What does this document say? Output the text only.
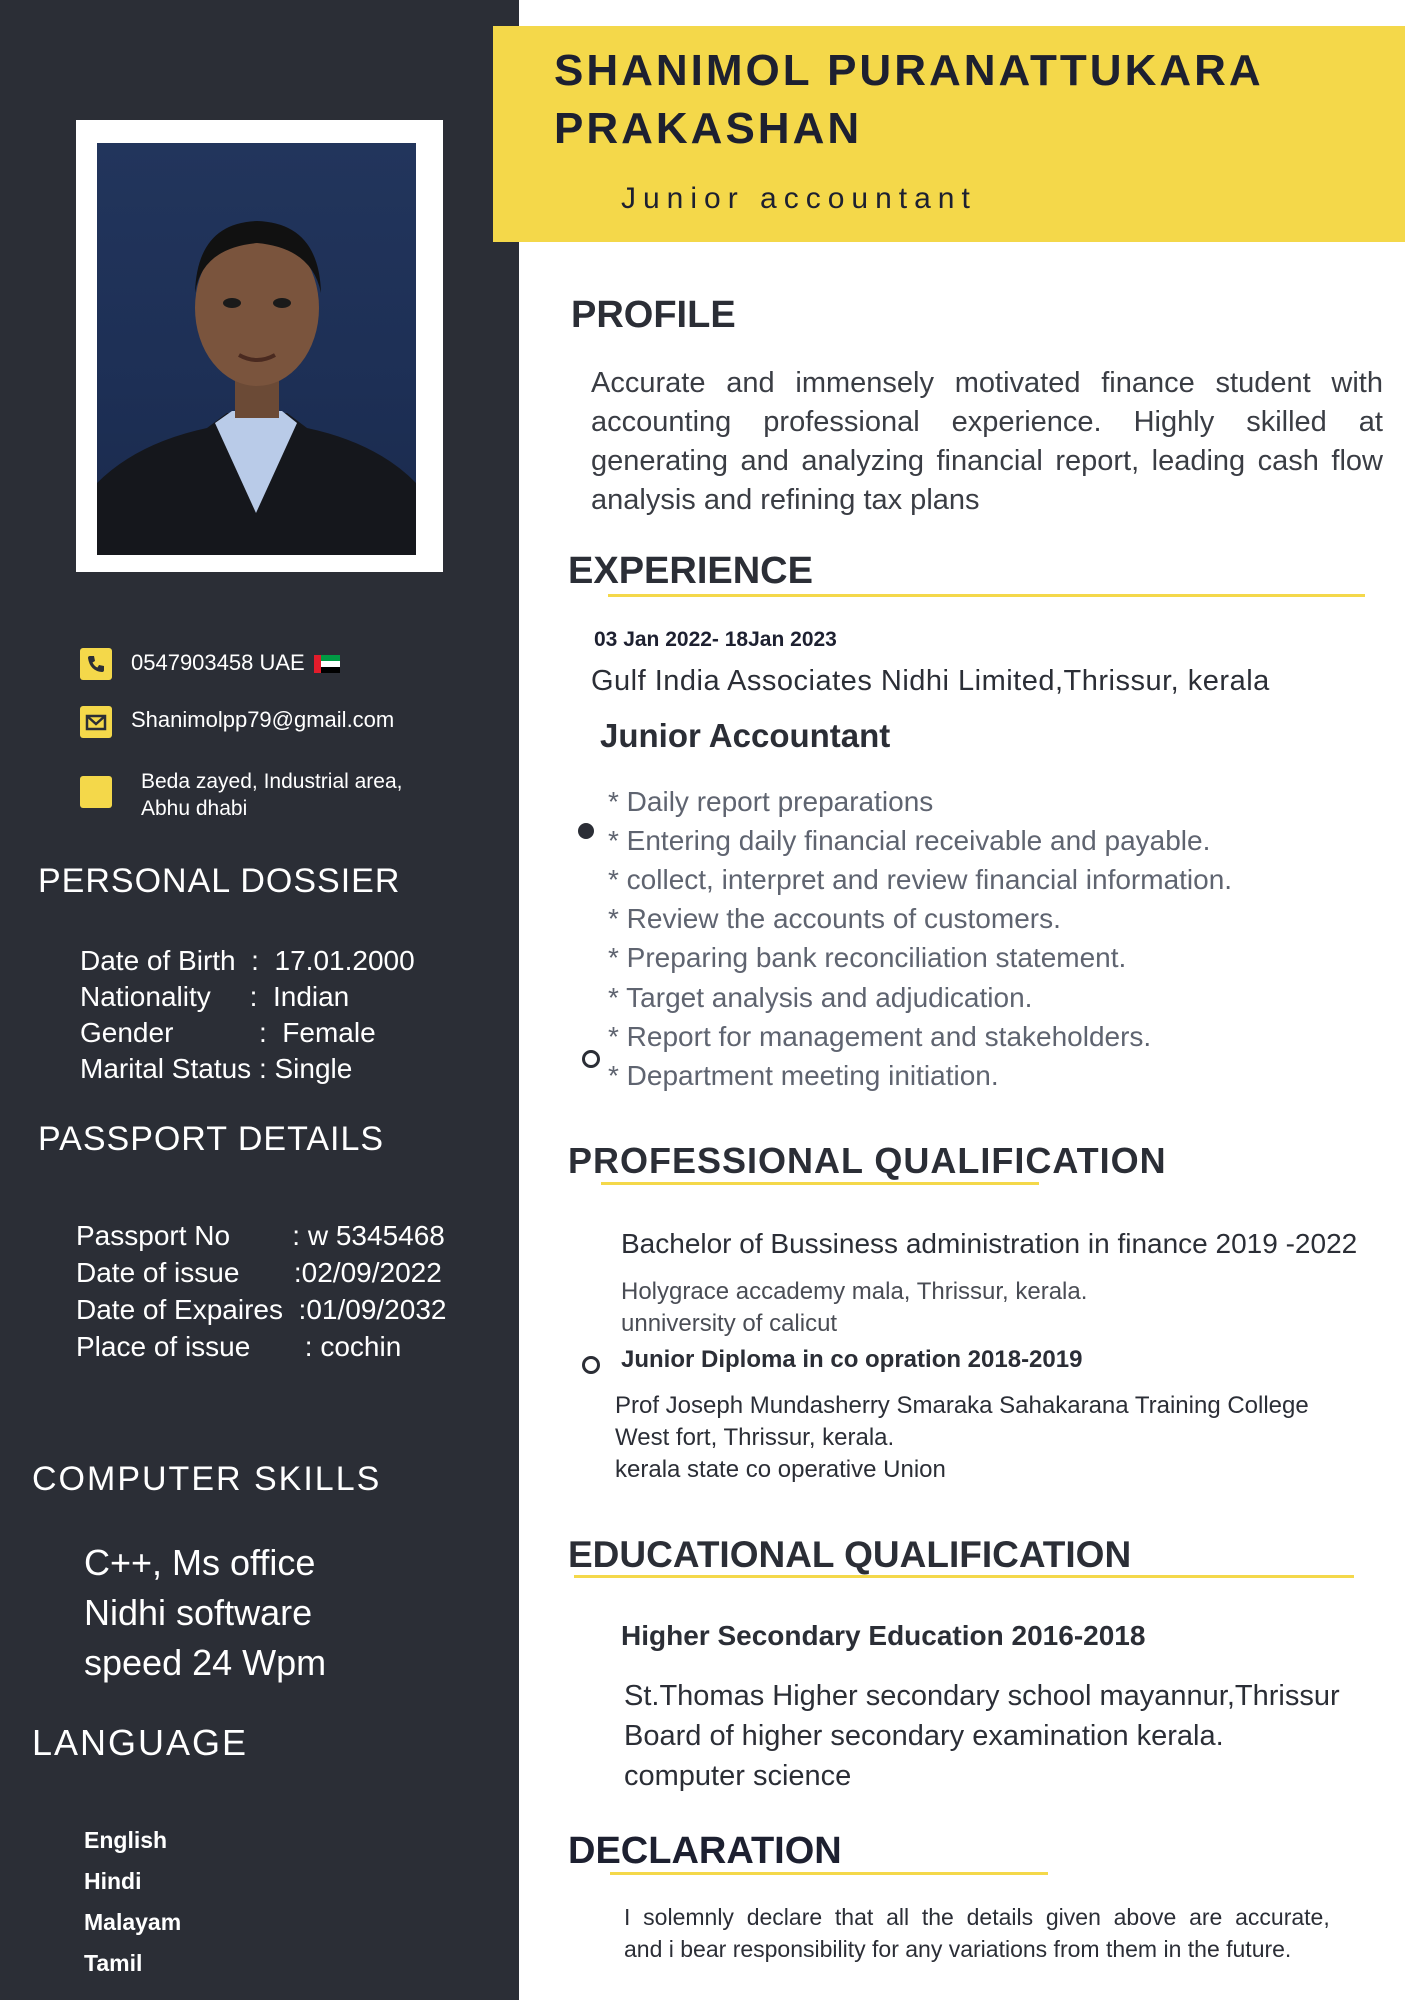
0547903458 UAE
Shanimolpp79@gmail.com
Beda zayed, Industrial area,
Abhu dhabi
PERSONAL DOSSIER
Date of Birth  :  17.01.2000
Nationality     :  Indian
Gender           :  Female
Marital Status : Single
PASSPORT DETAILS
Passport No        : w 5345468
Date of issue       :02/09/2022
Date of Expaires  :01/09/2032
Place of issue       : cochin
COMPUTER SKILLS
C++, Ms office
Nidhi software
speed 24 Wpm
LANGUAGE
English
Hindi
Malayam
Tamil
SHANIMOL PURANATTUKARA
PRAKASHAN
Junior accountant
PROFILE
Accurate and immensely motivated finance student with accounting professional experience. Highly skilled at generating and analyzing financial report, leading cash flow analysis and refining tax plans
EXPERIENCE
03 Jan 2022- 18Jan 2023
Gulf India Associates Nidhi Limited,Thrissur, kerala
Junior Accountant
* Daily report preparations
* Entering daily financial receivable and payable.
* collect, interpret and review financial information.
* Review the accounts of customers.
* Preparing bank reconciliation statement.
* Target analysis and adjudication.
* Report for management and stakeholders.
* Department meeting initiation.
PROFESSIONAL QUALIFICATION
Bachelor of Bussiness administration in finance 2019 -2022
Holygrace accademy mala, Thrissur, kerala.
unniversity of calicut
Junior Diploma in co opration 2018-2019
Prof Joseph Mundasherry Smaraka Sahakarana Training College
West fort, Thrissur, kerala.
kerala state co operative Union
EDUCATIONAL QUALIFICATION
Higher Secondary Education 2016-2018
St.Thomas Higher secondary school mayannur,Thrissur
Board of higher secondary examination kerala.
computer science
DECLARATION
I  solemnly  declare  that  all  the  details  given  above  are  accurate,
and i bear responsibility for any variations from them in the future.
